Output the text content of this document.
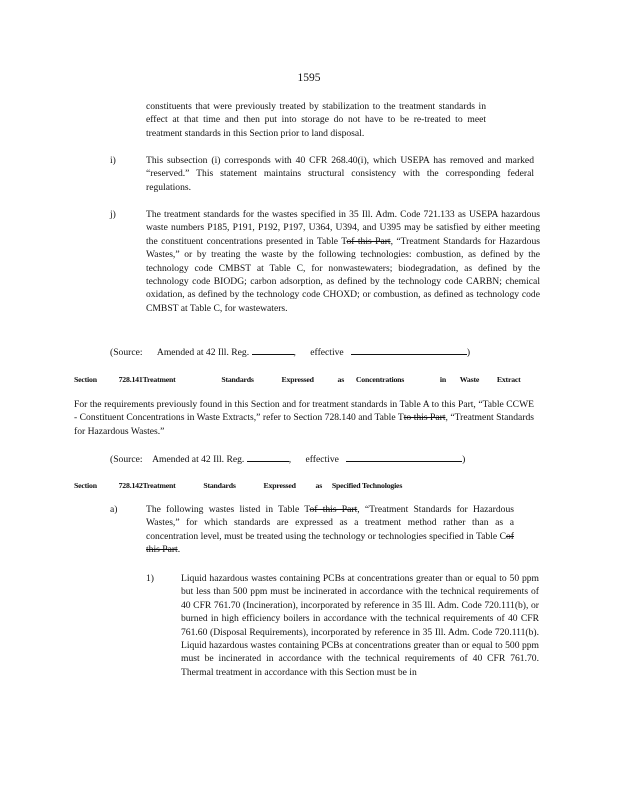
1595
constituents that were previously treated by stabilization to the treatment standards in effect at that time and then put into storage do not have to be re-treated to meet treatment standards in this Section prior to land disposal.
i)	This subsection (i) corresponds with 40 CFR 268.40(i), which USEPA has removed and marked “reserved.” This statement maintains structural consistency with the corresponding federal regulations.
j)	The treatment standards for the wastes specified in 35 Ill. Adm. Code 721.133 as USEPA hazardous waste numbers P185, P191, P192, P197, U364, U394, and U395 may be satisfied by either meeting the constituent concentrations presented in Table Tof this Part, “Treatment Standards for Hazardous Wastes,” or by treating the waste by the following technologies: combustion, as defined by the technology code CMBST at Table C, for nonwastewaters; biodegradation, as defined by the technology code BIODG; carbon adsorption, as defined by the technology code CARBN; chemical oxidation, as defined by the technology code CHOXD; or combustion, as defined as technology code CMBST at Table C, for wastewaters.
(Source: Amended at 42 Ill. Reg.	,      effective	)
Section	728.141Treatment	Standards	Expressed	as Concentrations	in Waste Extract
For the requirements previously found in this Section and for treatment standards in Table A to this Part, “Table CCWE - Constituent Concentrations in Waste Extracts,” refer to Section 728.140 and Table Tto this Part, “Treatment Standards for Hazardous Wastes.”
(Source: Amended at 42 Ill. Reg.	,      effective	)
Section	728.142Treatment	Standards	Expressed	as Specified Technologies
a)	The following wastes listed in Table Tof this Part, “Treatment Standards for Hazardous Wastes,” for which standards are expressed as a treatment method rather than as a concentration level, must be treated using the technology or technologies specified in Table Cof this Part.
1)	Liquid hazardous wastes containing PCBs at concentrations greater than or equal to 50 ppm but less than 500 ppm must be incinerated in accordance with the technical requirements of 40 CFR 761.70 (Incineration), incorporated by reference in 35 Ill. Adm. Code 720.111(b), or burned in high efficiency boilers in accordance with the technical requirements of 40 CFR 761.60 (Disposal Requirements), incorporated by reference in 35 Ill. Adm. Code 720.111(b). Liquid hazardous wastes containing PCBs at concentrations greater than or equal to 500 ppm must be incinerated in accordance with the technical requirements of 40 CFR 761.70. Thermal treatment in accordance with this Section must be in
